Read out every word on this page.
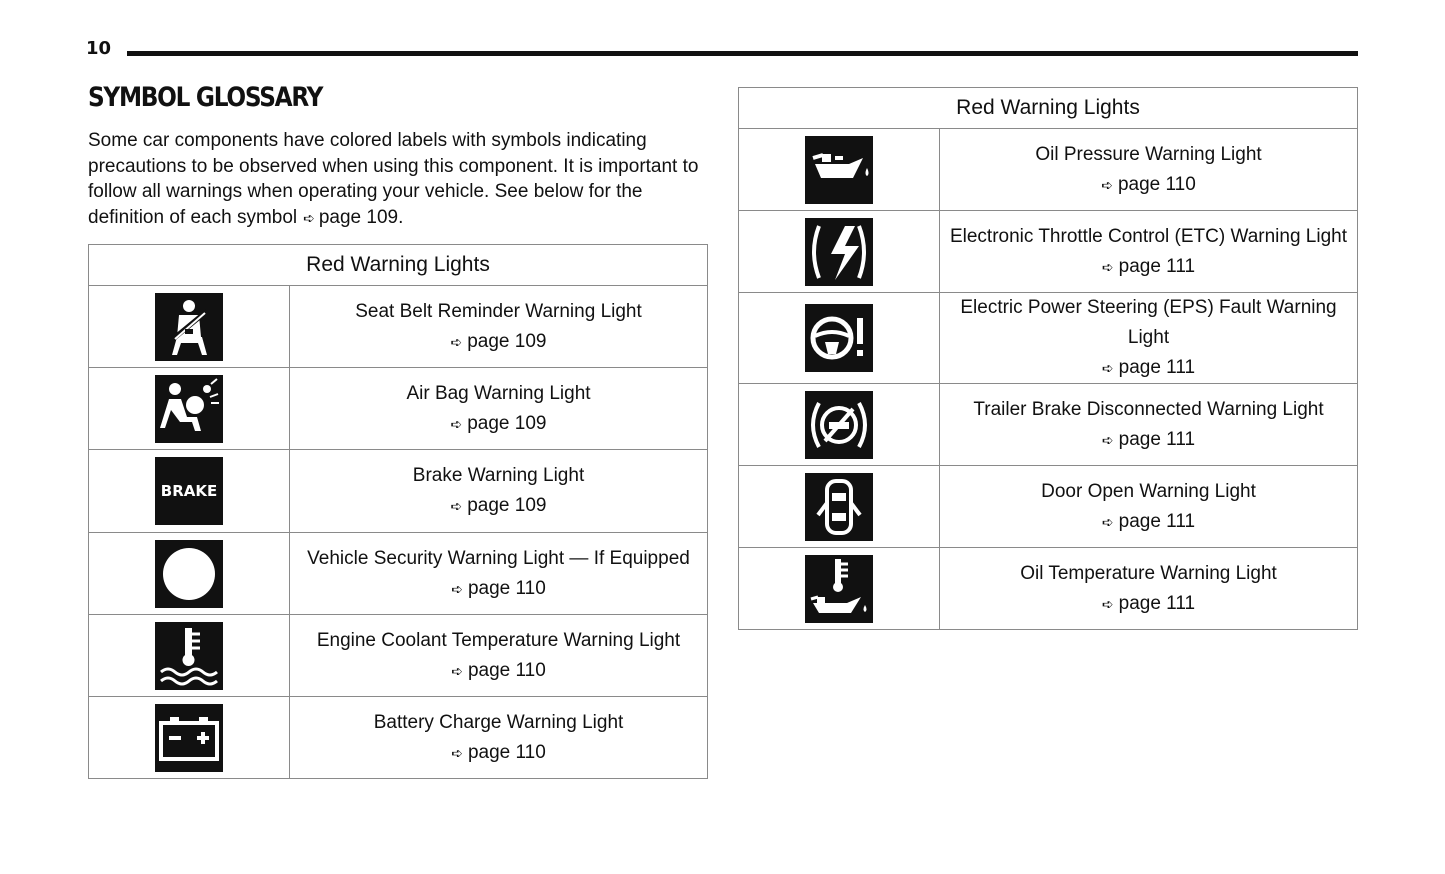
10
SYMBOL GLOSSARY

Some car components have colored labels with symbols indicating precautions to be observed when using this component. It is important to follow all warnings when operating your vehicle. See below for the definition of each symbol ➪ page 109.

Red Warning Lights	

	Seat Belt Reminder Warning Light
➪ page 109

	Air Bag Warning Light
➪ page 109

BRAKE	Brake Warning Light
➪ page 109

	Vehicle Security Warning Light — If Equipped
➪ page 110

	Engine Coolant Temperature Warning Light
➪ page 110

	Battery Charge Warning Light
➪ page 110
Red Warning Lights	

	Oil Pressure Warning Light
➪ page 110

	Electronic Throttle Control (ETC) Warning Light
➪ page 111

	Electric Power Steering (EPS) Fault Warning Light
➪ page 111

	Trailer Brake Disconnected Warning Light
➪ page 111

	Door Open Warning Light
➪ page 111

	Oil Temperature Warning Light
➪ page 111
